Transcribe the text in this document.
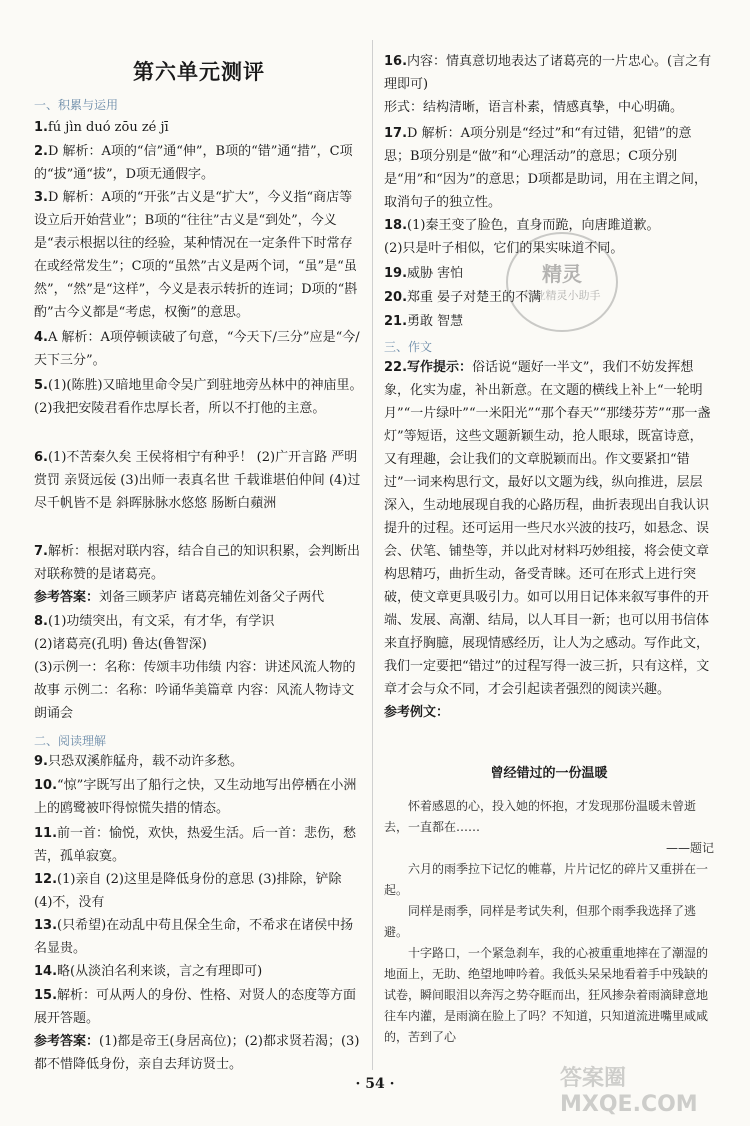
第六单元测评
一、积累与运用
1.fú jìn duó zōu zé jī
2.D 解析：A项的“信”通“伸”，B项的“错”通“措”，C项的“拔”通“拔”，D项无通假字。
3.D 解析：A项的“开张”古义是“扩大”，今义指“商店等设立后开始营业”；B项的“往往”古义是“到处”，今义是“表示根据以往的经验，某种情况在一定条件下时常存在或经常发生”；C项的“虽然”古义是两个词，“虽”是“虽然”，“然”是“这样”，今义是表示转折的连词；D项的“斟酌”古今义都是“考虑，权衡”的意思。
4.A 解析：A项停顿读破了句意，“今天下/三分”应是“今/天下三分”。
5.(1)(陈胜)又暗地里命令吴广到驻地旁丛林中的神庙里。
(2)我把安陵君看作忠厚长者，所以不打他的主意。
6.(1)不苦秦久矣 王侯将相宁有种乎！ (2)广开言路 严明赏罚 亲贤远佞 (3)出师一表真名世 千载谁堪伯仲间 (4)过尽千帆皆不是 斜晖脉脉水悠悠 肠断白蘋洲
7.解析：根据对联内容，结合自己的知识积累，会判断出对联称赞的是诸葛亮。
参考答案：刘备三顾茅庐 诸葛亮辅佐刘备父子两代
8.(1)功绩突出，有文采，有才华，有学识
(2)诸葛亮(孔明) 鲁达(鲁智深)
(3)示例一：名称：传颂丰功伟绩 内容：讲述风流人物的故事 示例二：名称：吟诵华美篇章 内容：风流人物诗文朗诵会
二、阅读理解
9.只恐双溪舴艋舟，载不动许多愁。
10.“惊”字既写出了船行之快，又生动地写出停栖在小洲上的鸥鹭被吓得惊慌失措的情态。
11.前一首：愉悦，欢快，热爱生活。后一首：悲伤，愁苦，孤单寂寞。
12.(1)亲自 (2)这里是降低身份的意思 (3)排除，铲除 (4)不，没有
13.(只希望)在动乱中苟且保全生命，不希求在诸侯中扬名显贵。
14.略(从淡泊名利来谈，言之有理即可)
15.解析：可从两人的身份、性格、对贤人的态度等方面展开答题。
参考答案：(1)都是帝王(身居高位)；(2)都求贤若渴；(3)都不惜降低身份，亲自去拜访贤士。
16.内容：情真意切地表达了诸葛亮的一片忠心。(言之有理即可)
形式：结构清晰，语言朴素，情感真挚，中心明确。
17.D 解析：A项分别是“经过”和“有过错，犯错”的意思；B项分别是“做”和“心理活动”的意思；C项分别是“用”和“因为”的意思；D项都是助词，用在主谓之间，取消句子的独立性。
18.(1)秦王变了脸色，直身而跪，向唐雎道歉。
(2)只是叶子相似，它们的果实味道不同。
19.威胁 害怕
20.郑重 晏子对楚王的不满
21.勇敢 智慧
三、作文
22.写作提示：俗话说“题好一半文”，我们不妨发挥想象，化实为虚，补出新意。在文题的横线上补上“一轮明月”“一片绿叶”“一米阳光”“那个春天”“那缕芬芳”“那一盏灯”等短语，这些文题新颖生动，抢人眼球，既富诗意，又有理趣，会让我们的文章脱颖而出。作文要紧扣“错过”一词来构思行文，最好以文题为线，纵向推进，层层深入，生动地展现自我的心路历程，曲折表现出自我认识提升的过程。还可运用一些尺水兴波的技巧，如悬念、误会、伏笔、铺垫等，并以此对材料巧妙组接，将会使文章构思精巧，曲折生动，备受青睐。还可在形式上进行突破，使文章更具吸引力。如可以用日记体来叙写事件的开端、发展、高潮、结局，以人耳目一新；也可以用书信体来直抒胸臆，展现情感经历，让人为之感动。写作此文，我们一定要把“错过”的过程写得一波三折，只有这样，文章才会与众不同，才会引起读者强烈的阅读兴趣。
参考例文：
曾经错过的一份温暖
怀着感恩的心，投入她的怀抱，才发现那份温暖未曾逝去，一直都在……
——题记
六月的雨季拉下记忆的帷幕，片片记忆的碎片又重拼在一起。
同样是雨季，同样是考试失利，但那个雨季我选择了逃避。
十字路口，一个紧急刹车，我的心被重重地摔在了潮湿的地面上，无助、绝望地呻吟着。我低头呆呆地看着手中残缺的试卷，瞬间眼泪以奔泻之势夺眶而出，狂风掺杂着雨滴肆意地往车内灌，是雨滴在脸上了吗？不知道，只知道流进嘴里咸咸的，苦到了心
精灵
作业精灵小助手
答案圈 MXQE.COM
· 54 ·
